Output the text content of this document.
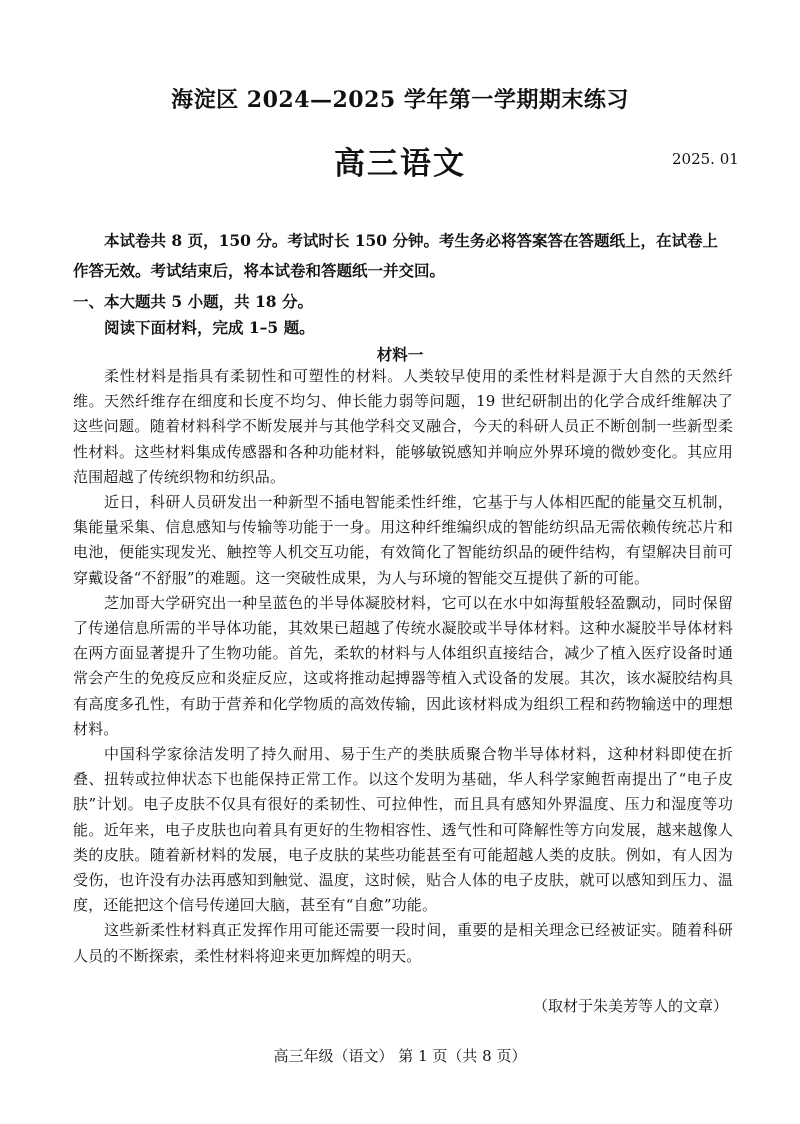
海淀区 2024—2025 学年第一学期期末练习
高三语文	2025. 01

本试卷共 8 页，150 分。考试时长 150 分钟。考生务必将答案答在答题纸上，在试卷上作答无效。考试结束后，将本试卷和答题纸一并交回。

一、本大题共 5 小题，共 18 分。

阅读下面材料，完成 1–5 题。

材料一

柔性材料是指具有柔韧性和可塑性的材料。人类较早使用的柔性材料是源于大自然的天然纤维。天然纤维存在细度和长度不均匀、伸长能力弱等问题，19 世纪研制出的化学合成纤维解决了这些问题。随着材料科学不断发展并与其他学科交叉融合，今天的科研人员正不断创制一些新型柔性材料。这些材料集成传感器和各种功能材料，能够敏锐感知并响应外界环境的微妙变化。其应用范围超越了传统织物和纺织品。

近日，科研人员研发出一种新型不插电智能柔性纤维，它基于与人体相匹配的能量交互机制，集能量采集、信息感知与传输等功能于一身。用这种纤维编织成的智能纺织品无需依赖传统芯片和电池，便能实现发光、触控等人机交互功能，有效简化了智能纺织品的硬件结构，有望解决目前可穿戴设备“不舒服”的难题。这一突破性成果，为人与环境的智能交互提供了新的可能。

芝加哥大学研究出一种呈蓝色的半导体凝胶材料，它可以在水中如海蜇般轻盈飘动，同时保留了传递信息所需的半导体功能，其效果已超越了传统水凝胶或半导体材料。这种水凝胶半导体材料在两方面显著提升了生物功能。首先，柔软的材料与人体组织直接结合，减少了植入医疗设备时通常会产生的免疫反应和炎症反应，这或将推动起搏器等植入式设备的发展。其次，该水凝胶结构具有高度多孔性，有助于营养和化学物质的高效传输，因此该材料成为组织工程和药物输送中的理想材料。

中国科学家徐洁发明了持久耐用、易于生产的类肤质聚合物半导体材料，这种材料即使在折叠、扭转或拉伸状态下也能保持正常工作。以这个发明为基础，华人科学家鲍哲南提出了“电子皮肤”计划。电子皮肤不仅具有很好的柔韧性、可拉伸性，而且具有感知外界温度、压力和湿度等功能。近年来，电子皮肤也向着具有更好的生物相容性、透气性和可降解性等方向发展，越来越像人类的皮肤。随着新材料的发展，电子皮肤的某些功能甚至有可能超越人类的皮肤。例如，有人因为受伤，也许没有办法再感知到触觉、温度，这时候，贴合人体的电子皮肤，就可以感知到压力、温度，还能把这个信号传递回大脑，甚至有“自愈”功能。

这些新柔性材料真正发挥作用可能还需要一段时间，重要的是相关理念已经被证实。随着科研人员的不断探索，柔性材料将迎来更加辉煌的明天。

（取材于朱美芳等人的文章）

高三年级（语文） 第 1 页（共 8 页）
